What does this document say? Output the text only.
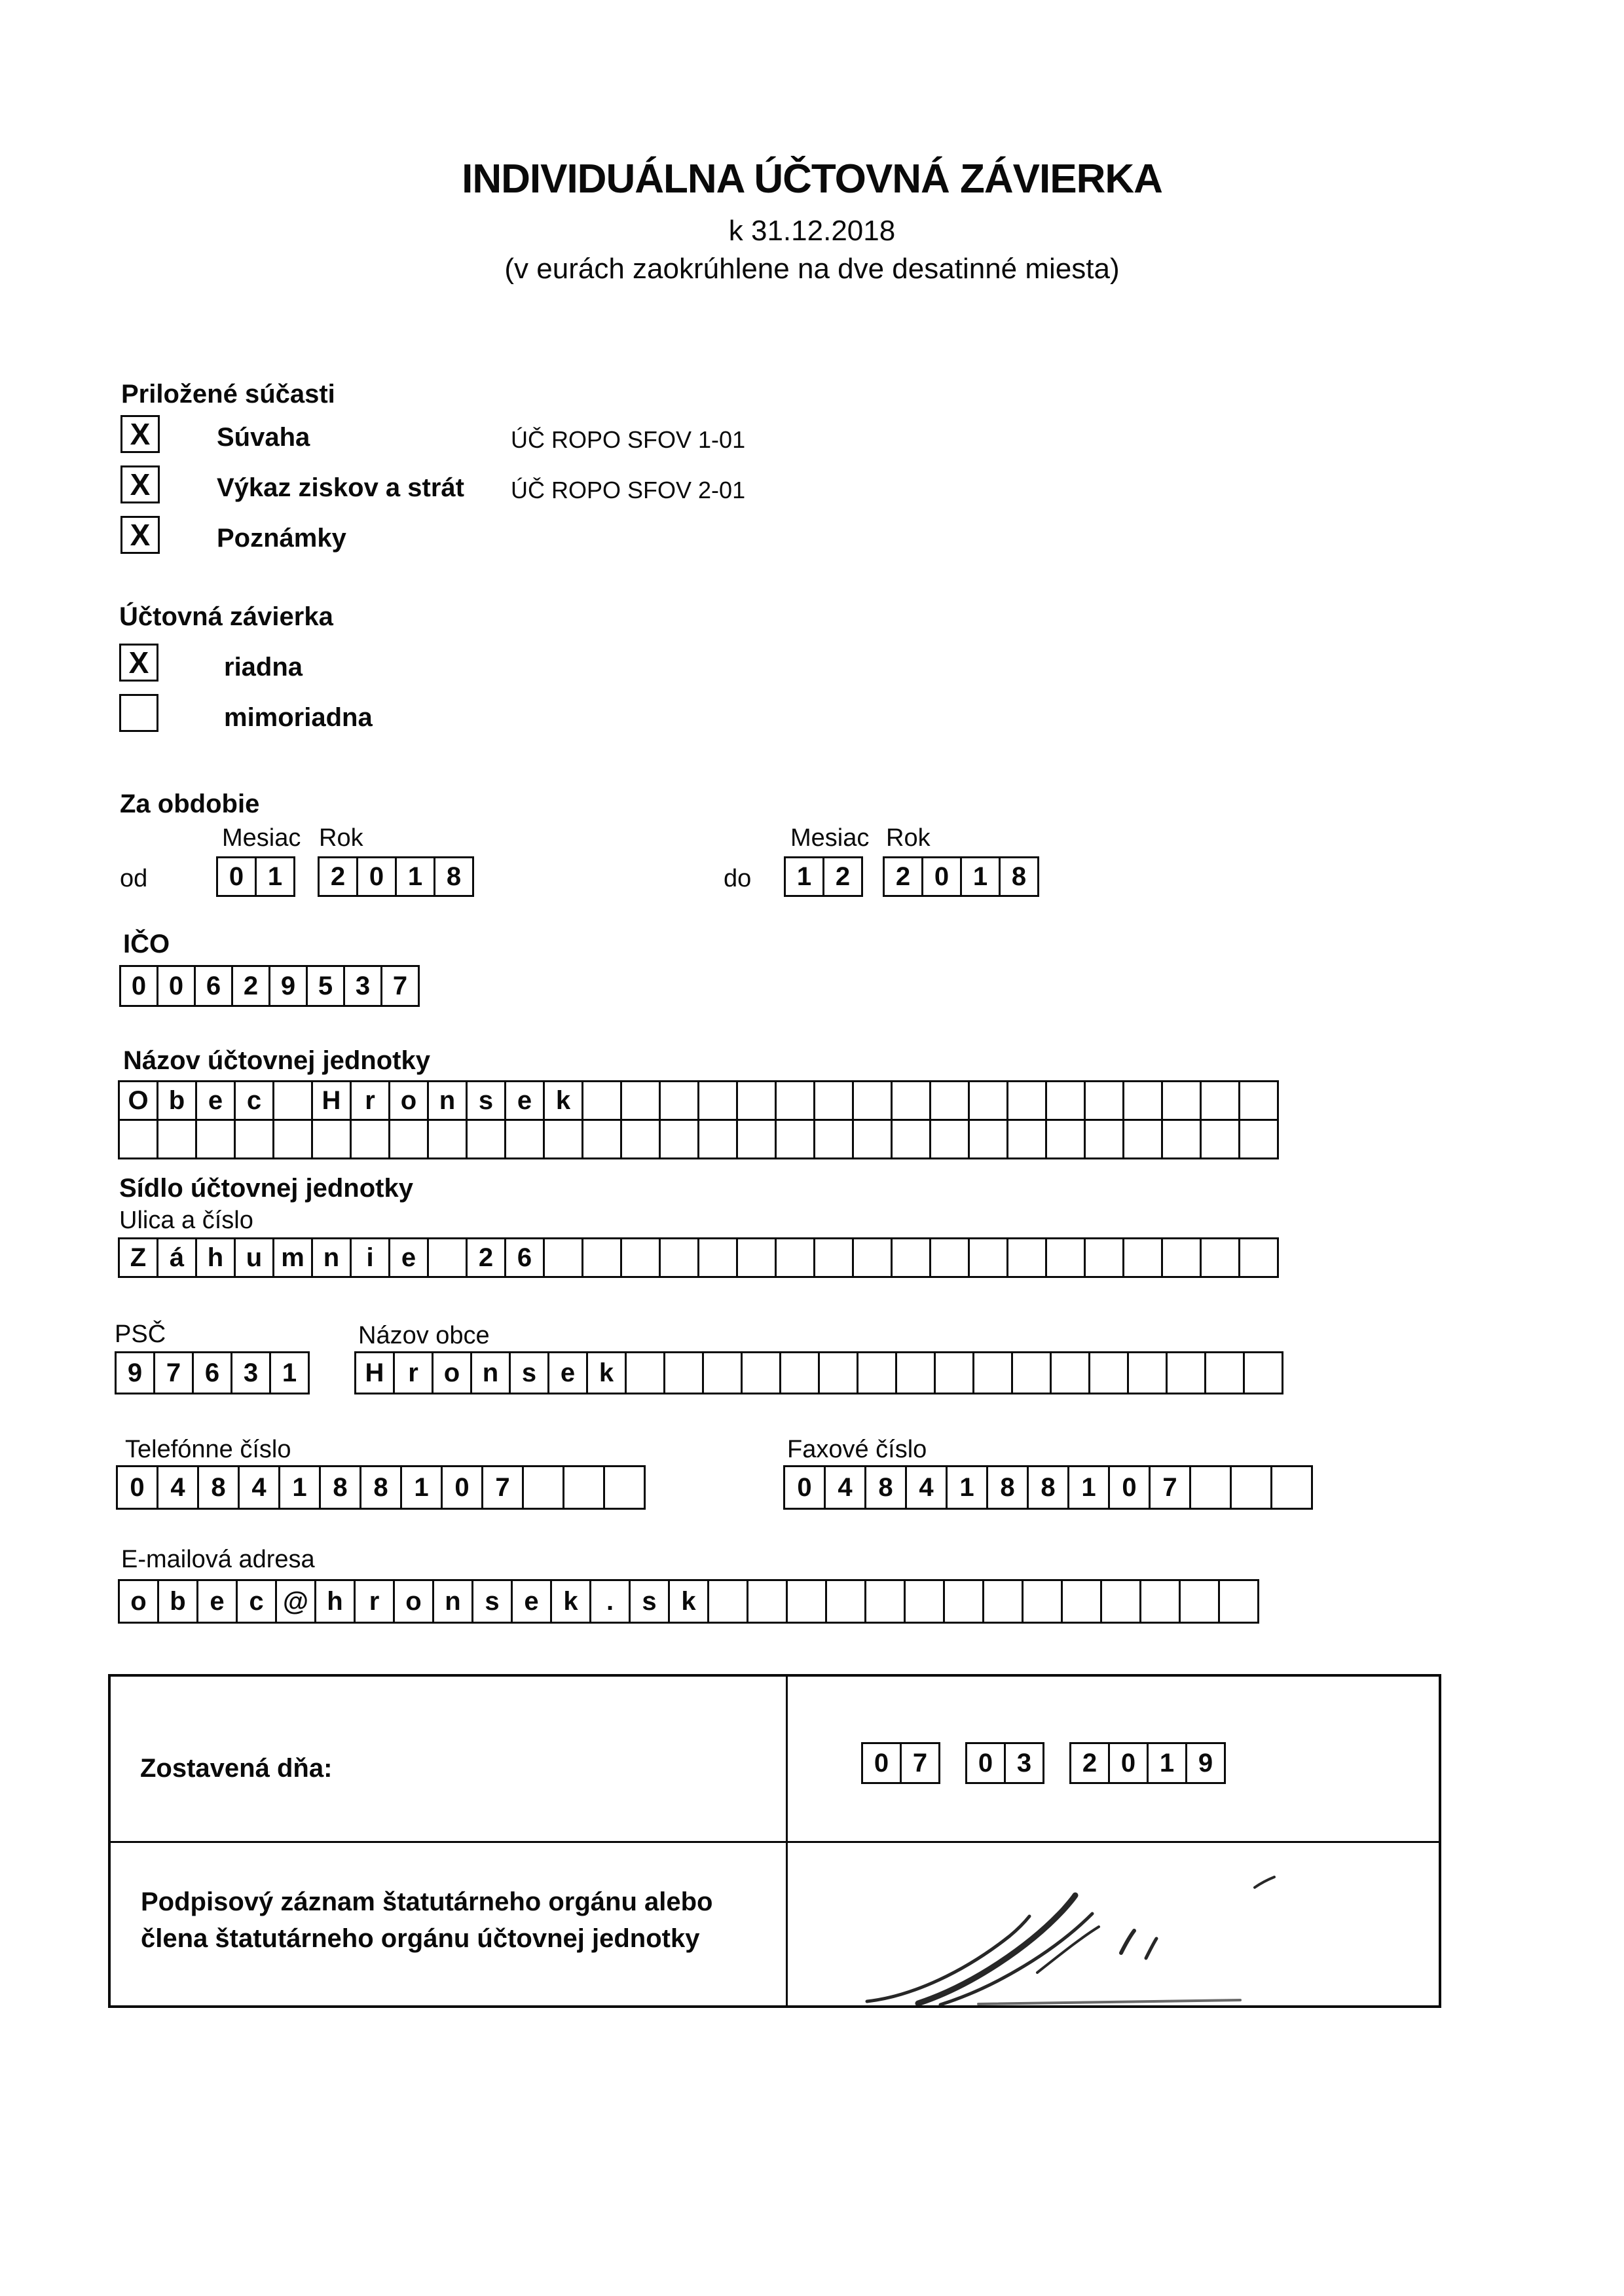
INDIVIDUÁLNA ÚČTOVNÁ ZÁVIERKA
k 31.12.2018
(v eurách zaokrúhlene na dve desatinné miesta)
Priložené súčasti
X	Súvaha	ÚČ ROPO SFOV 1-01
X	Výkaz ziskov a strát ÚČ ROPO SFOV 2-01
X	Poznámky
Účtovná závierka
X	riadna
mimoriadna
Za obdobie
Mesiac Rok
od	0 1	2 0 1 8
Mesiac Rok
do	1 2	2 0 1 8
IČO
0 0 6 2 9 5 3 7
Názov účtovnej jednotky
O b e c	H r o n s e k
Sídlo účtovnej jednotky
Ulica a číslo
Z á h u m n	i	e	2 6
PSČ	Názov obce
9 7 6 3 1	H r o n s e k
Telefónne číslo	Faxové číslo
0 4 8 4 1 8 8 1 0 7	0 4 8 4 1 8 8 1 0 7
E-mailová adresa
o b e c @ h r	o n s e k	.	s k
Zostavená dňa:	0 7	0 3	2 0 1 9
Podpisový záznam štatutárneho orgánu alebo
člena štatutárneho orgánu účtovnej jednotky
